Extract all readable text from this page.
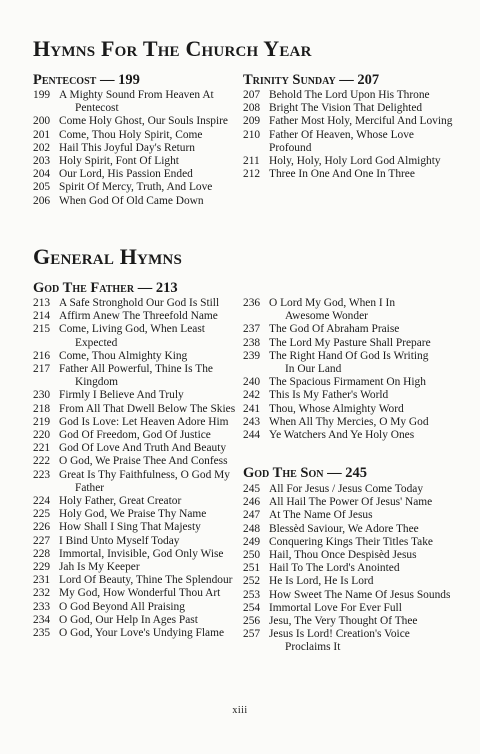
Hymns For The Church Year
Pentecost — 199
199 A Mighty Sound From Heaven At
Pentecost
200 Come Holy Ghost, Our Souls Inspire
201 Come, Thou Holy Spirit, Come
202 Hail This Joyful Day's Return
203 Holy Spirit, Font Of Light
204 Our Lord, His Passion Ended
205 Spirit Of Mercy, Truth, And Love
206 When God Of Old Came Down
Trinity Sunday — 207
207 Behold The Lord Upon His Throne
208 Bright The Vision That Delighted
209 Father Most Holy, Merciful And Loving
210 Father Of Heaven, Whose Love Profound
211 Holy, Holy, Holy Lord God Almighty
212 Three In One And One In Three
General Hymns
God The Father — 213
213 A Safe Stronghold Our God Is Still
214 Affirm Anew The Threefold Name
215 Come, Living God, When Least
Expected
216 Come, Thou Almighty King
217 Father All Powerful, Thine Is The
Kingdom
230 Firmly I Believe And Truly
218 From All That Dwell Below The Skies
219 God Is Love: Let Heaven Adore Him
220 God Of Freedom, God Of Justice
221 God Of Love And Truth And Beauty
222 O God, We Praise Thee And Confess
223 Great Is Thy Faithfulness, O God My
Father
224 Holy Father, Great Creator
225 Holy God, We Praise Thy Name
226 How Shall I Sing That Majesty
227 I Bind Unto Myself Today
228 Immortal, Invisible, God Only Wise
229 Jah Is My Keeper
231 Lord Of Beauty, Thine The Splendour
232 My God, How Wonderful Thou Art
233 O God Beyond All Praising
234 O God, Our Help In Ages Past
235 O God, Your Love's Undying Flame
236 O Lord My God, When I In
Awesome Wonder
237 The God Of Abraham Praise
238 The Lord My Pasture Shall Prepare
239 The Right Hand Of God Is Writing
In Our Land
240 The Spacious Firmament On High
242 This Is My Father's World
241 Thou, Whose Almighty Word
243 When All Thy Mercies, O My God
244 Ye Watchers And Ye Holy Ones
God The Son — 245
245 All For Jesus / Jesus Come Today
246 All Hail The Power Of Jesus' Name
247 At The Name Of Jesus
248 Blessèd Saviour, We Adore Thee
249 Conquering Kings Their Titles Take
250 Hail, Thou Once Despisèd Jesus
251 Hail To The Lord's Anointed
252 He Is Lord, He Is Lord
253 How Sweet The Name Of Jesus Sounds
254 Immortal Love For Ever Full
256 Jesu, The Very Thought Of Thee
257 Jesus Is Lord! Creation's Voice
Proclaims It
xiii
